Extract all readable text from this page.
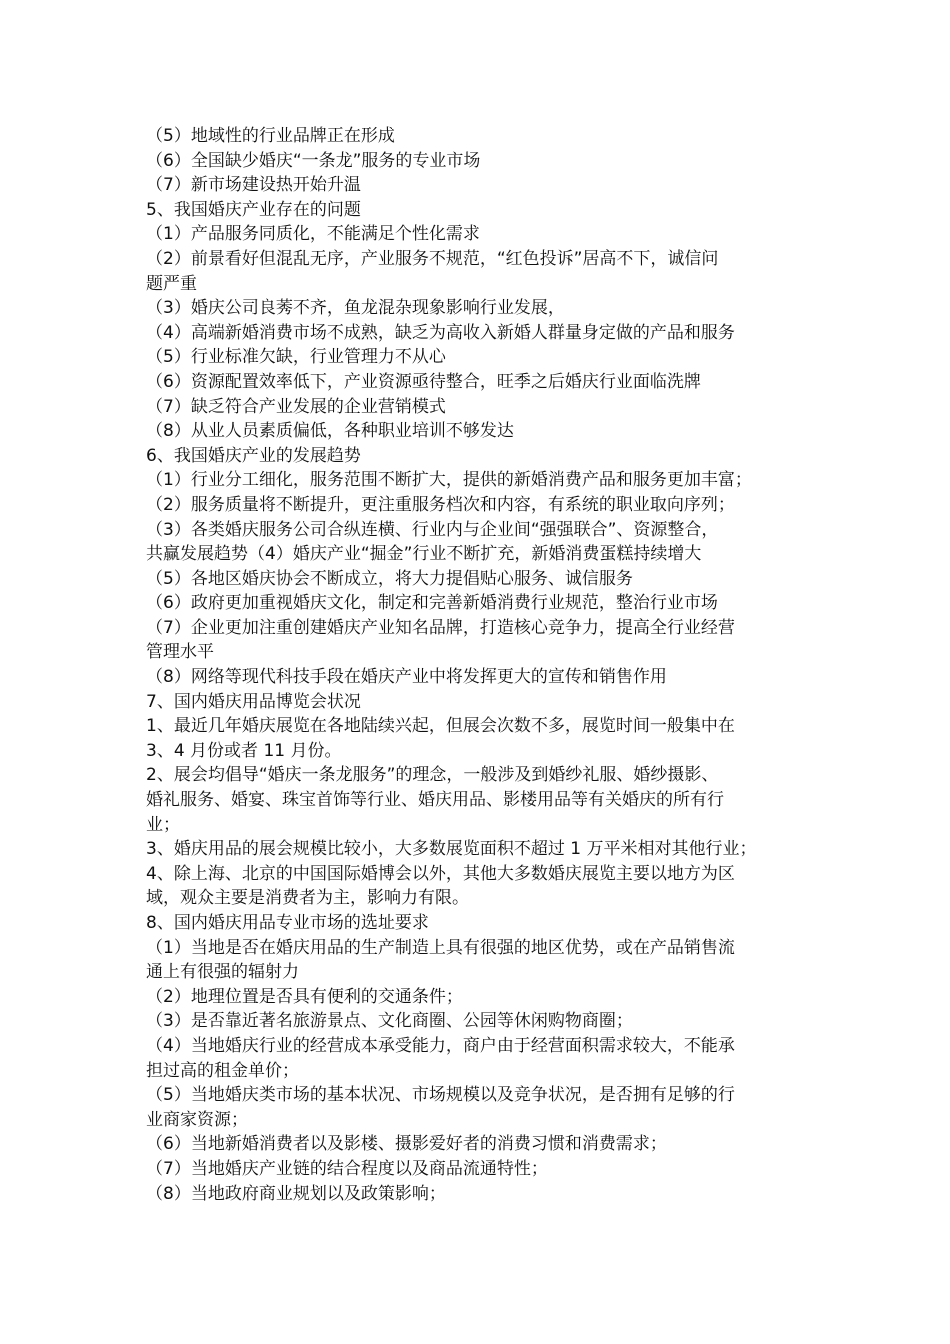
（5）地域性的行业品牌正在形成
（6）全国缺少婚庆“一条龙”服务的专业市场
（7）新市场建设热开始升温
5、我国婚庆产业存在的问题
（1）产品服务同质化，不能满足个性化需求
（2）前景看好但混乱无序，产业服务不规范，“红色投诉”居高不下，诚信问
题严重
（3）婚庆公司良莠不齐，鱼龙混杂现象影响行业发展，
（4）高端新婚消费市场不成熟，缺乏为高收入新婚人群量身定做的产品和服务
（5）行业标准欠缺，行业管理力不从心
（6）资源配置效率低下，产业资源亟待整合，旺季之后婚庆行业面临洗牌
（7）缺乏符合产业发展的企业营销模式
（8）从业人员素质偏低，各种职业培训不够发达
6、我国婚庆产业的发展趋势
（1）行业分工细化，服务范围不断扩大，提供的新婚消费产品和服务更加丰富；
（2）服务质量将不断提升，更注重服务档次和内容，有系统的职业取向序列；
（3）各类婚庆服务公司合纵连横、行业内与企业间“强强联合”、资源整合，
共赢发展趋势（4）婚庆产业“掘金”行业不断扩充，新婚消费蛋糕持续增大
（5）各地区婚庆协会不断成立，将大力提倡贴心服务、诚信服务
（6）政府更加重视婚庆文化，制定和完善新婚消费行业规范，整治行业市场
（7）企业更加注重创建婚庆产业知名品牌，打造核心竞争力，提高全行业经营
管理水平
（8）网络等现代科技手段在婚庆产业中将发挥更大的宣传和销售作用
7、国内婚庆用品博览会状况
1、最近几年婚庆展览在各地陆续兴起，但展会次数不多，展览时间一般集中在
3、4 月份或者 11 月份。
2、展会均倡导“婚庆一条龙服务”的理念，一般涉及到婚纱礼服、婚纱摄影、
婚礼服务、婚宴、珠宝首饰等行业、婚庆用品、影楼用品等有关婚庆的所有行
业；
3、婚庆用品的展会规模比较小，大多数展览面积不超过 1 万平米相对其他行业；
4、除上海、北京的中国国际婚博会以外，其他大多数婚庆展览主要以地方为区
域，观众主要是消费者为主，影响力有限。
8、国内婚庆用品专业市场的选址要求
（1）当地是否在婚庆用品的生产制造上具有很强的地区优势，或在产品销售流
通上有很强的辐射力
（2）地理位置是否具有便利的交通条件；
（3）是否靠近著名旅游景点、文化商圈、公园等休闲购物商圈；
（4）当地婚庆行业的经营成本承受能力，商户由于经营面积需求较大，不能承
担过高的租金单价；
（5）当地婚庆类市场的基本状况、市场规模以及竞争状况，是否拥有足够的行
业商家资源；
（6）当地新婚消费者以及影楼、摄影爱好者的消费习惯和消费需求；
（7）当地婚庆产业链的结合程度以及商品流通特性；
（8）当地政府商业规划以及政策影响；
